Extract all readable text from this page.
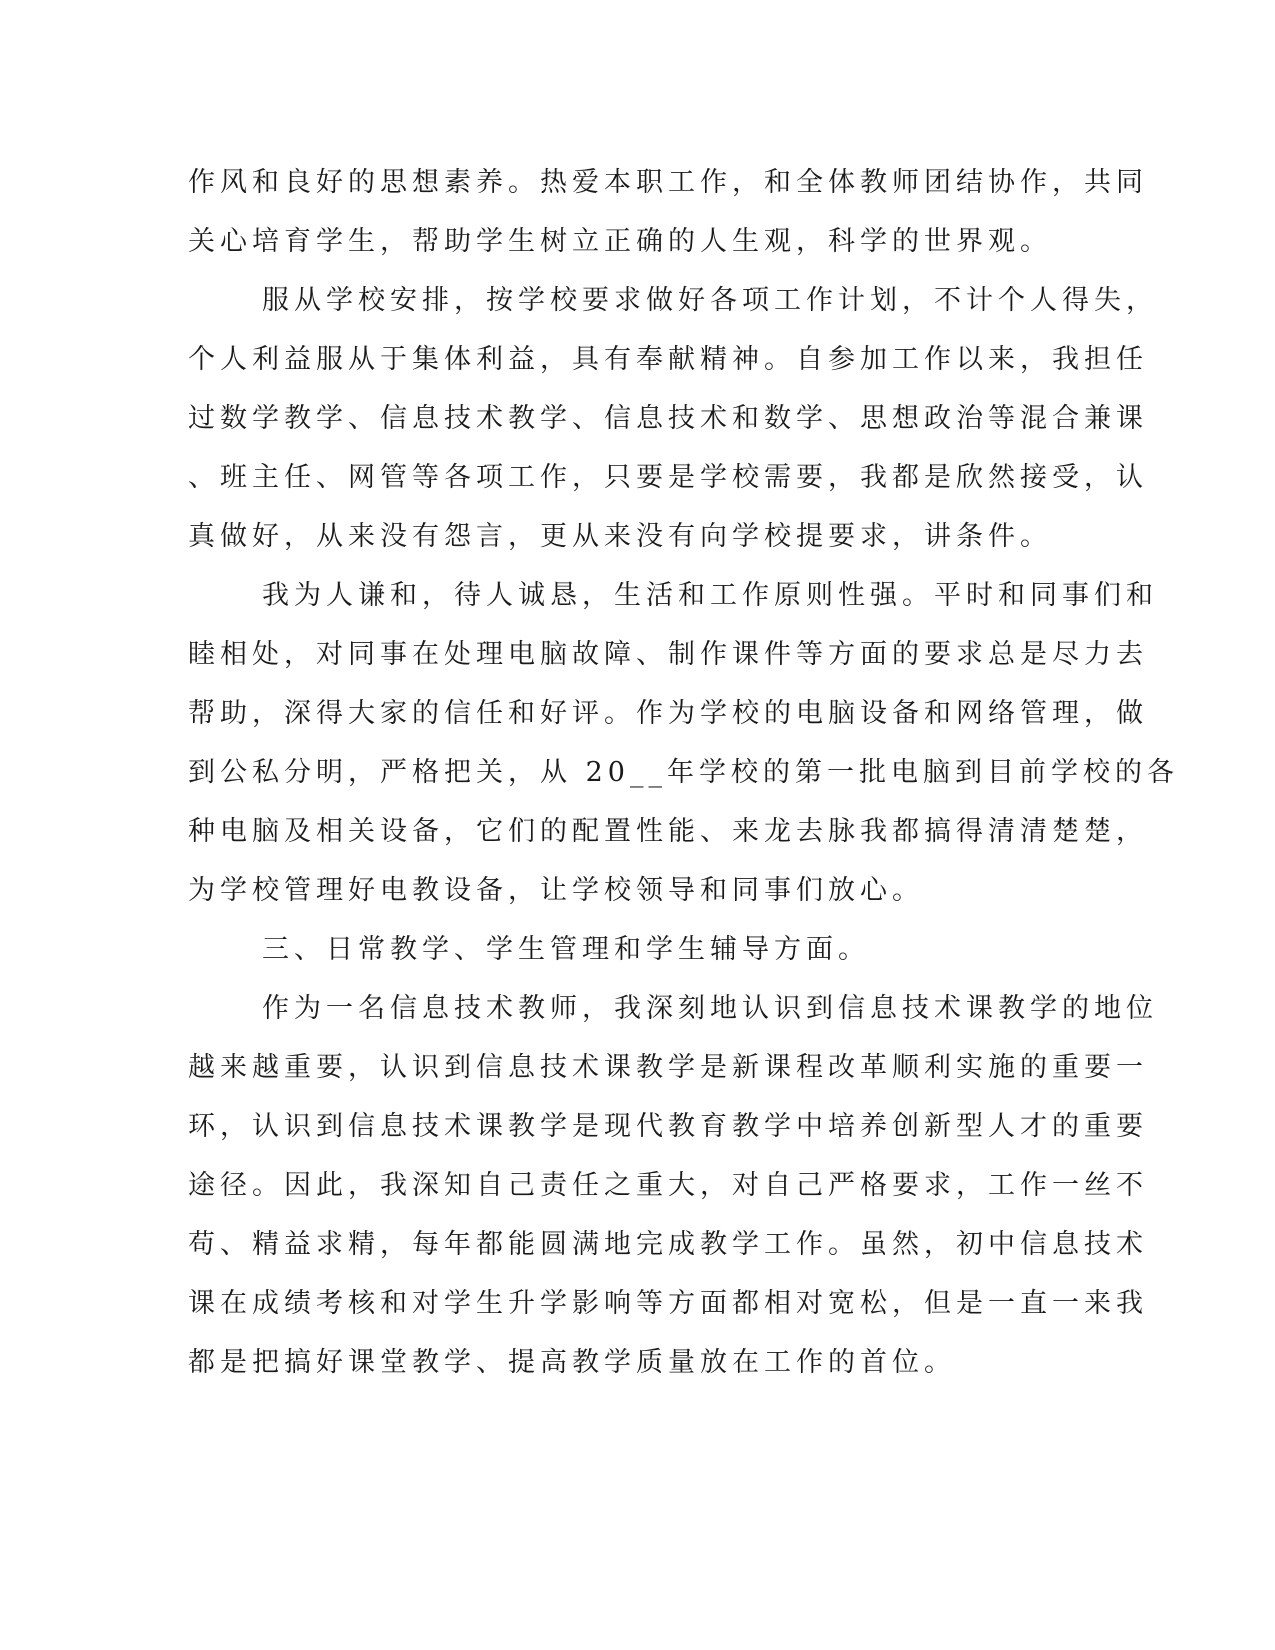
作风和良好的思想素养。热爱本职工作，和全体教师团结协作，共同
关心培育学生，帮助学生树立正确的人生观，科学的世界观。
服从学校安排，按学校要求做好各项工作计划，不计个人得失，
个人利益服从于集体利益，具有奉献精神。自参加工作以来，我担任
过数学教学、信息技术教学、信息技术和数学、思想政治等混合兼课
、班主任、网管等各项工作，只要是学校需要，我都是欣然接受，认
真做好，从来没有怨言，更从来没有向学校提要求，讲条件。
我为人谦和，待人诚恳，生活和工作原则性强。平时和同事们和
睦相处，对同事在处理电脑故障、制作课件等方面的要求总是尽力去
帮助，深得大家的信任和好评。作为学校的电脑设备和网络管理，做
到公私分明，严格把关，从 20__年学校的第一批电脑到目前学校的各
种电脑及相关设备，它们的配置性能、来龙去脉我都搞得清清楚楚，
为学校管理好电教设备，让学校领导和同事们放心。
三、日常教学、学生管理和学生辅导方面。
作为一名信息技术教师，我深刻地认识到信息技术课教学的地位
越来越重要，认识到信息技术课教学是新课程改革顺利实施的重要一
环，认识到信息技术课教学是现代教育教学中培养创新型人才的重要
途径。因此，我深知自己责任之重大，对自己严格要求，工作一丝不
苟、精益求精，每年都能圆满地完成教学工作。虽然，初中信息技术
课在成绩考核和对学生升学影响等方面都相对宽松，但是一直一来我
都是把搞好课堂教学、提高教学质量放在工作的首位。
